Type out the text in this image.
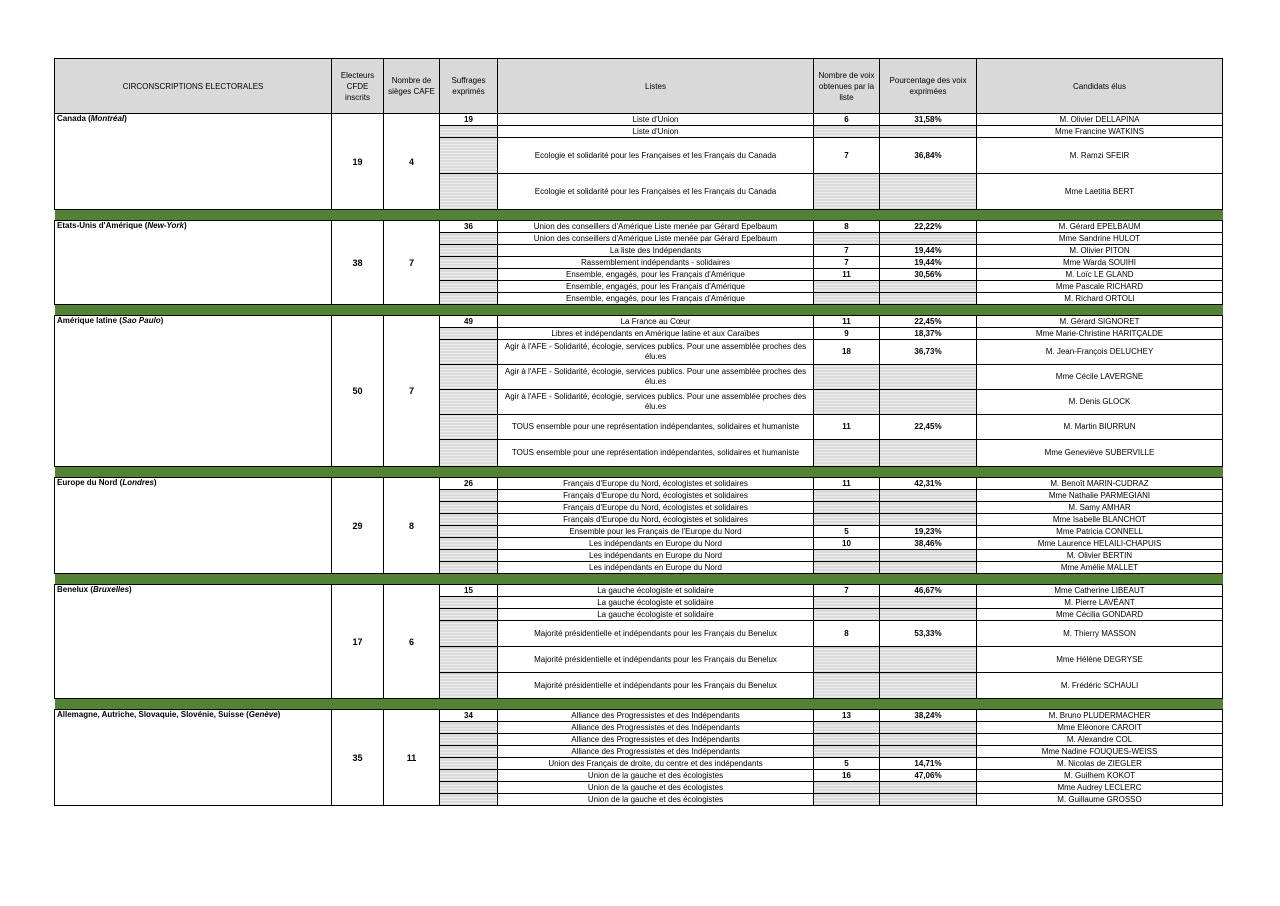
CIRCONSCRIPTIONS ELECTORALES	Electeurs CFDE inscrits	Nombre de sièges CAFE	Suffrages exprimés	Listes	Nombre de voix obtenues par la liste	Pourcentage des voix exprimées	Candidats élus
Canada (Montréal)	19	4	19	Liste d'Union	6	31,58%	M. Olivier DELLAPINA
				Liste d'Union			Mme Francine WATKINS
				Ecologie et solidarité pour les Françaises et les Français du Canada	7	36,84%	M. Ramzi SFEIR
				Ecologie et solidarité pour les Françaises et les Français du Canada			Mme Laetitia BERT

Etats-Unis d'Amérique (New-York)	38	7	36	Union des conseillers d'Amérique Liste menée par Gérard Epelbaum	8	22,22%	M. Gérard EPELBAUM
				Union des conseillers d'Amérique Liste menée par Gérard Epelbaum			Mme Sandrine HULOT
				La liste des Indépendants	7	19,44%	M. Olivier PITON
				Rassemblement indépendants - solidaires	7	19,44%	Mme Warda SOUIHI
				Ensemble, engagés, pour les Français d'Amérique	11	30,56%	M. Loïc LE GLAND
				Ensemble, engagés, pour les Français d'Amérique			Mme Pascale RICHARD
				Ensemble, engagés, pour les Français d'Amérique			M. Richard ORTOLI

Amérique latine (Sao Paulo)	50	7	49	La France au Cœur	11	22,45%	M. Gérard SIGNORET
				Libres et indépendants en Amérique latine et aux Caraïbes	9	18,37%	Mme Marie-Christine HARITÇALDE
				Agir à l'AFE - Solidarité, écologie, services publics. Pour une assemblée proches des élu.es	18	36,73%	M. Jean-François DELUCHEY
				Agir à l'AFE - Solidarité, écologie, services publics. Pour une assemblée proches des élu.es			Mme Cécile LAVERGNE
				Agir à l'AFE - Solidarité, écologie, services publics. Pour une assemblée proches des élu.es			M. Denis GLOCK
				TOUS ensemble pour une représentation indépendantes, solidaires et humaniste	11	22,45%	M. Martin BIURRUN
				TOUS ensemble pour une représentation indépendantes, solidaires et humaniste			Mme Geneviève SUBERVILLE

Europe du Nord (Londres)	29	8	26	Français d'Europe du Nord, écologistes et solidaires	11	42,31%	M. Benoît MARIN-CUDRAZ
				Français d'Europe du Nord, écologistes et solidaires			Mme Nathalie PARMEGIANI
				Français d'Europe du Nord, écologistes et solidaires			M. Samy AMHAR
				Français d'Europe du Nord, écologistes et solidaires			Mme Isabelle BLANCHOT
				Ensemble pour les Français de l'Europe du Nord	5	19,23%	Mme Patricia CONNELL
				Les indépendants en Europe du Nord	10	38,46%	Mme Laurence HELAILI-CHAPUIS
				Les indépendants en Europe du Nord			M. Olivier BERTIN
				Les indépendants en Europe du Nord			Mme Amélie MALLET

Benelux (Bruxelles)	17	6	15	La gauche écologiste et solidaire	7	46,67%	Mme Catherine LIBEAUT
				La gauche écologiste et solidaire			M. Pierre LAVÉANT
				La gauche écologiste et solidaire			Mme Cécilia GONDARD
				Majorité présidentielle et indépendants pour les Français du Benelux	8	53,33%	M. Thierry MASSON
				Majorité présidentielle et indépendants pour les Français du Benelux			Mme Hélène DEGRYSE
				Majorité présidentielle et indépendants pour les Français du Benelux			M. Frédéric SCHAULI

Allemagne, Autriche, Slovaquie, Slovénie, Suisse (Genève)	35	11	34	Alliance des Progressistes et des Indépendants	13	38,24%	M. Bruno PLUDERMACHER
				Alliance des Progressistes et des Indépendants			Mme Eléonore CAROIT
				Alliance des Progressistes et des Indépendants			M. Alexandre COL
				Alliance des Progressistes et des Indépendants			Mme Nadine FOUQUES-WEISS
				Union des Français de droite, du centre et des indépendants	5	14,71%	M. Nicolas de ZIEGLER
				Union de la gauche et des écologistes	16	47,06%	M. Guilhem KOKOT
				Union de la gauche et des écologistes			Mme Audrey LECLERC
				Union de la gauche et des écologistes			M. Guillaume GROSSO
